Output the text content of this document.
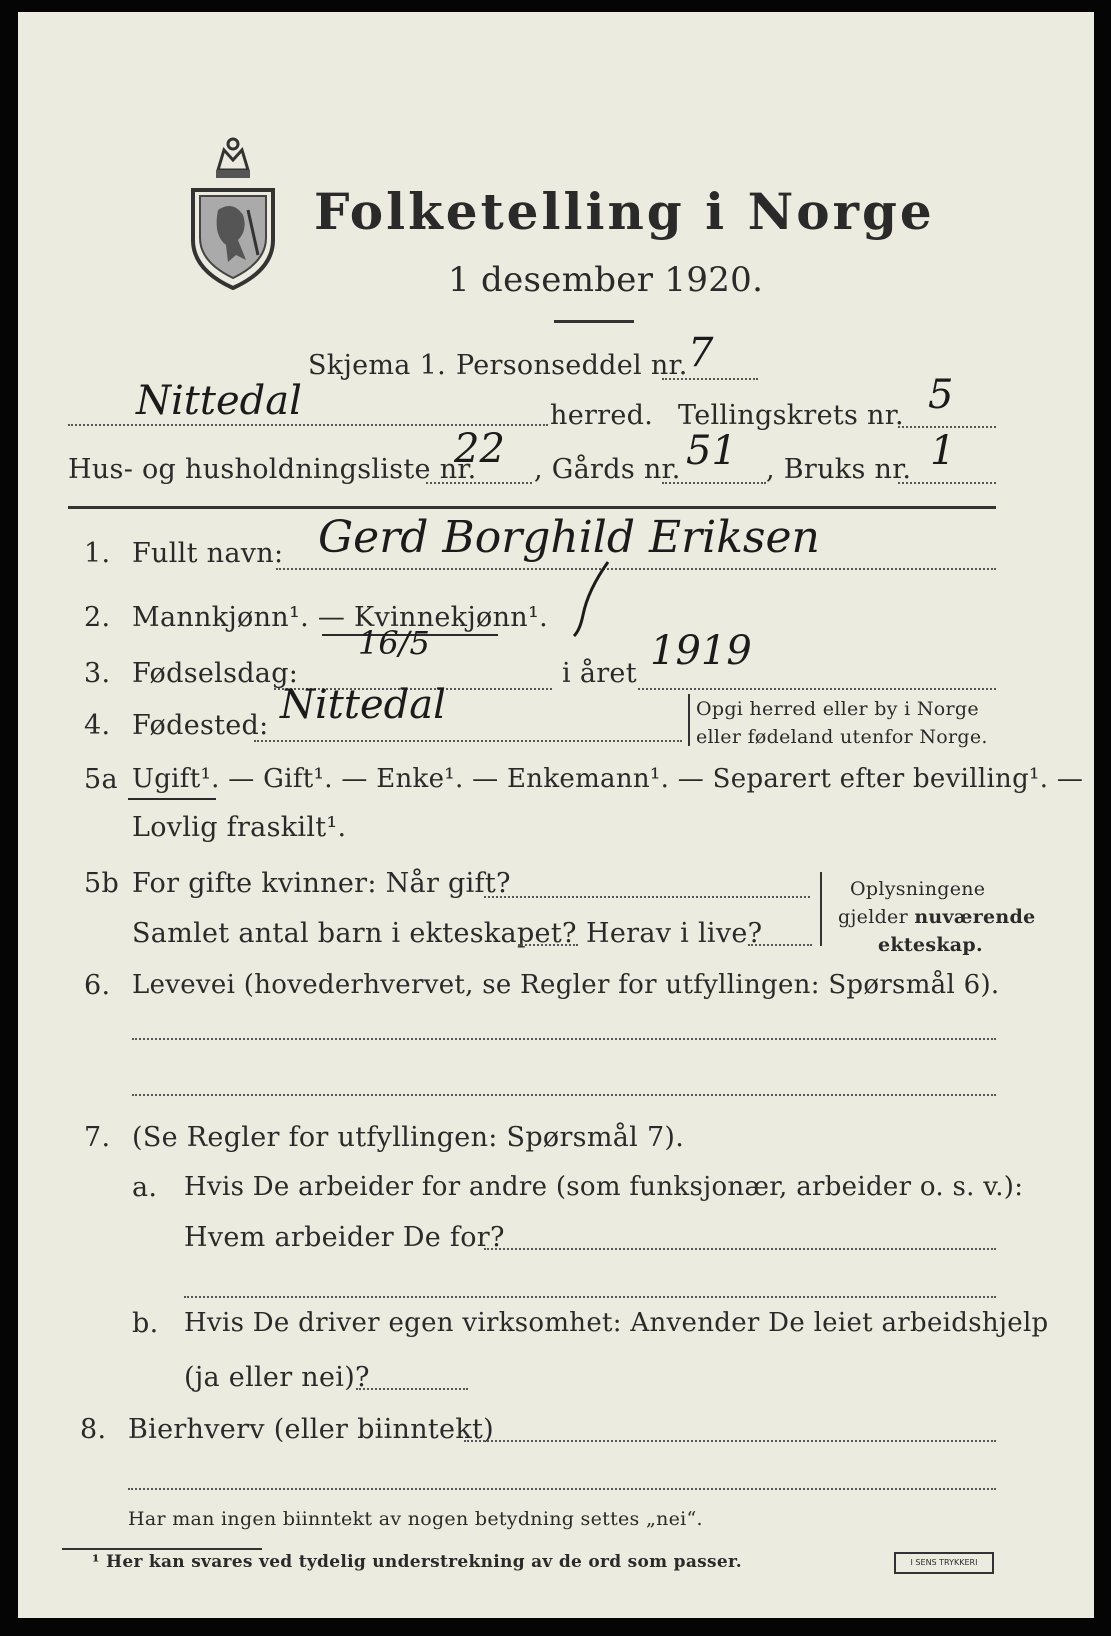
Folketelling i Norge
1 desember 1920.
Skjema 1. Personseddel nr. 7
Nittedal	herred. Tellingskrets nr. 5
Hus- og husholdningsliste nr.
22 , Gårds nr. 51 , Bruks nr. 1
1. Fullt navn: Gerd Borghild Eriksen
2. Mannkjønn¹. — Kvinnekjønn¹.
3. Fødselsdag:
16/5
i året 1919
4. Fødested: Nittedal	Opgi herred eller by i Norge
eller fødeland utenfor Norge.
5a Ugift¹. — Gift¹. — Enke¹. — Enkemann¹. — Separert efter bevilling¹. —
Lovlig fraskilt¹.
5b For gifte kvinner: Når gift?
Samlet antal barn i ekteskapet? Herav i live?
Oplysningene
gjelder nuværende
ekteskap.
6. Levevei (hovederhvervet, se Regler for utfyllingen: Spørsmål 6).
7. (Se Regler for utfyllingen: Spørsmål 7).
a. Hvis De arbeider for andre (som funksjonær, arbeider o. s. v.):
Hvem arbeider De for?
b. Hvis De driver egen virksomhet: Anvender De leiet arbeidshjelp
(ja eller nei)?
8. Bierhverv (eller biinntekt)
Har man ingen biinntekt av nogen betydning settes „nei“.
¹ Her kan svares ved tydelig understrekning av de ord som passer.	I SENS TRYKKERI
